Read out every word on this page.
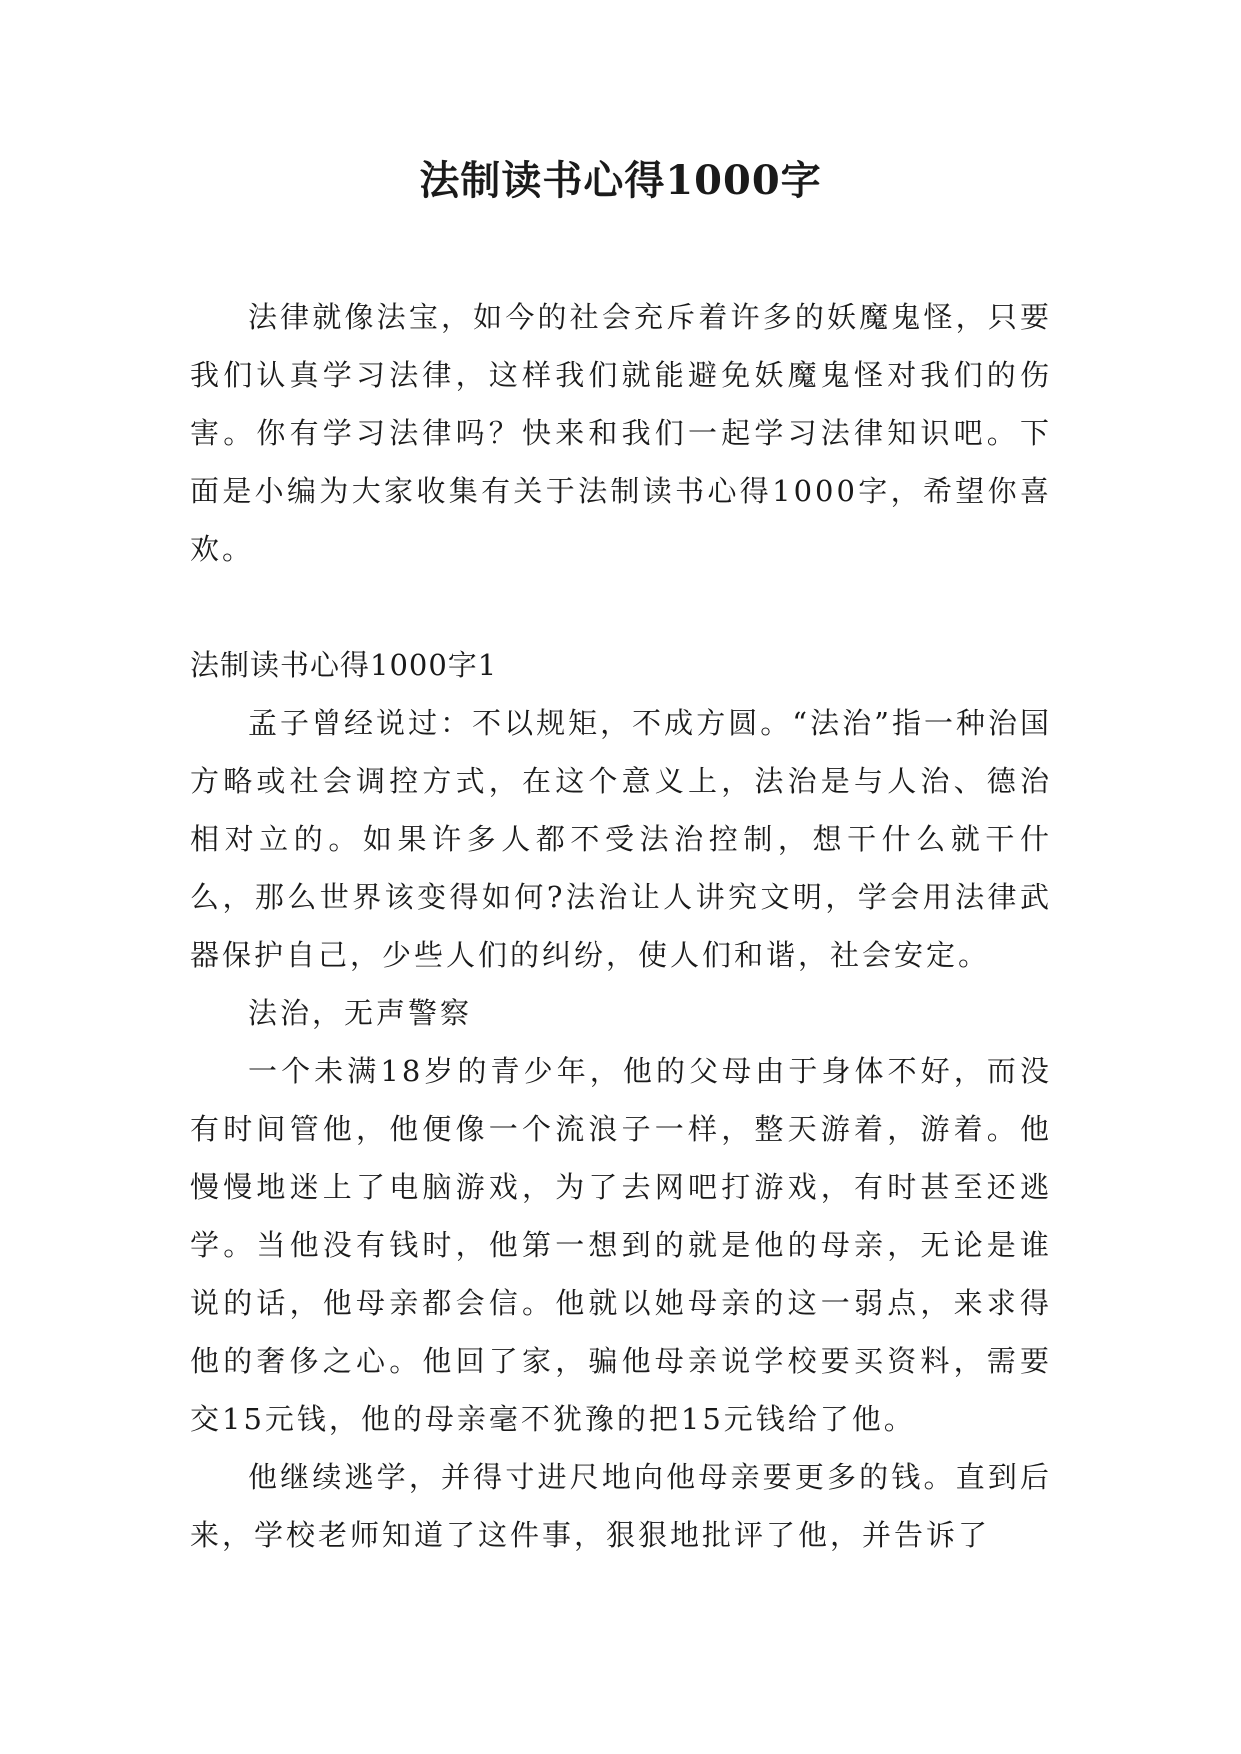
法制读书心得1000字

法律就像法宝，如今的社会充斥着许多的妖魔鬼怪，只要我们认真学习法律，这样我们就能避免妖魔鬼怪对我们的伤害。你有学习法律吗？快来和我们一起学习法律知识吧。下面是小编为大家收集有关于法制读书心得1000字，希望你喜欢。

法制读书心得1000字1

孟子曾经说过：不以规矩，不成方圆。“法治”指一种治国方略或社会调控方式，在这个意义上，法治是与人治、德治相对立的。如果许多人都不受法治控制，想干什么就干什么，那么世界该变得如何?法治让人讲究文明，学会用法律武器保护自己，少些人们的纠纷，使人们和谐，社会安定。

法治，无声警察

一个未满18岁的青少年，他的父母由于身体不好，而没有时间管他，他便像一个流浪子一样，整天游着，游着。他慢慢地迷上了电脑游戏，为了去网吧打游戏，有时甚至还逃学。当他没有钱时，他第一想到的就是他的母亲，无论是谁说的话，他母亲都会信。他就以她母亲的这一弱点，来求得他的奢侈之心。他回了家，骗他母亲说学校要买资料，需要交15元钱，他的母亲毫不犹豫的把15元钱给了他。

他继续逃学，并得寸进尺地向他母亲要更多的钱。直到后来，学校老师知道了这件事，狠狠地批评了他，并告诉了
